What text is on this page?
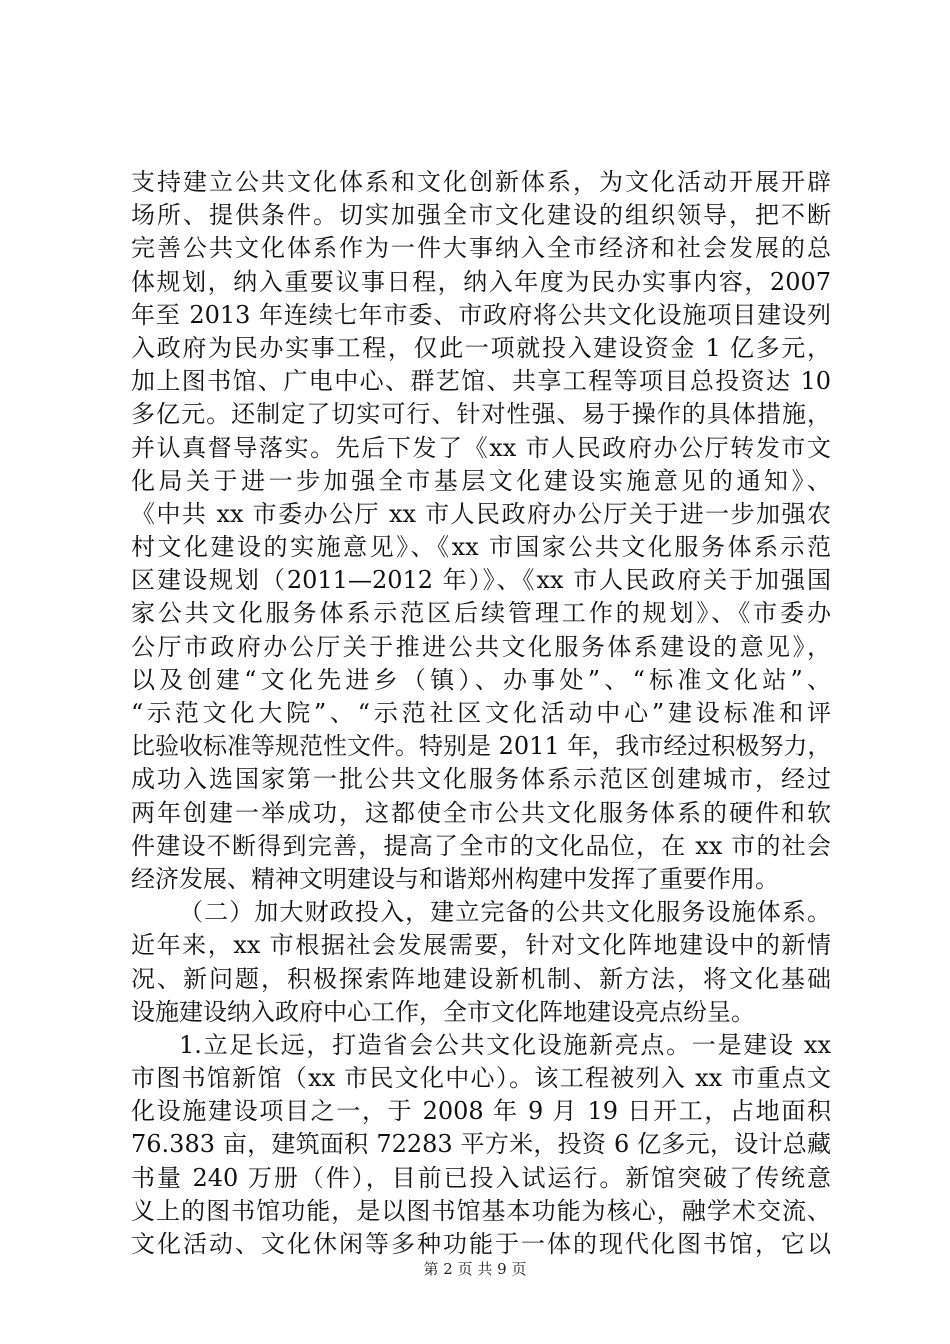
支持建立公共文化体系和文化创新体系，为文化活动开展开辟
场所、提供条件。切实加强全市文化建设的组织领导，把不断
完善公共文化体系作为一件大事纳入全市经济和社会发展的总
体规划，纳入重要议事日程，纳入年度为民办实事内容，2007
年至 2013 年连续七年市委、市政府将公共文化设施项目建设列
入政府为民办实事工程，仅此一项就投入建设资金 1 亿多元，
加上图书馆、广电中心、群艺馆、共享工程等项目总投资达 10
多亿元。还制定了切实可行、针对性强、易于操作的具体措施，
并认真督导落实。先后下发了《xx 市人民政府办公厅转发市文
化局关于进一步加强全市基层文化建设实施意见的通知》、
《中共 xx 市委办公厅 xx 市人民政府办公厅关于进一步加强农
村文化建设的实施意见》、《xx 市国家公共文化服务体系示范
区建设规划（2011—2012 年）》、《xx 市人民政府关于加强国
家公共文化服务体系示范区后续管理工作的规划》、《市委办
公厅市政府办公厅关于推进公共文化服务体系建设的意见》，
以及创建“文化先进乡（镇）、办事处”、“标准文化站”、
“示范文化大院”、“示范社区文化活动中心”建设标准和评
比验收标准等规范性文件。特别是 2011 年，我市经过积极努力，
成功入选国家第一批公共文化服务体系示范区创建城市，经过
两年创建一举成功，这都使全市公共文化服务体系的硬件和软
件建设不断得到完善，提高了全市的文化品位，在 xx 市的社会
经济发展、精神文明建设与和谐郑州构建中发挥了重要作用。
（二）加大财政投入，建立完备的公共文化服务设施体系。
近年来，xx 市根据社会发展需要，针对文化阵地建设中的新情
况、新问题，积极探索阵地建设新机制、新方法，将文化基础
设施建设纳入政府中心工作，全市文化阵地建设亮点纷呈。
1.立足长远，打造省会公共文化设施新亮点。一是建设 xx
市图书馆新馆（xx 市民文化中心）。该工程被列入 xx 市重点文
化设施建设项目之一，于 2008 年 9 月 19 日开工，占地面积
76.383 亩，建筑面积 72283 平方米，投资 6 亿多元，设计总藏
书量 240 万册（件），目前已投入试运行。新馆突破了传统意
义上的图书馆功能，是以图书馆基本功能为核心，融学术交流、
文化活动、文化休闲等多种功能于一体的现代化图书馆，它以
第 2 页 共 9 页
